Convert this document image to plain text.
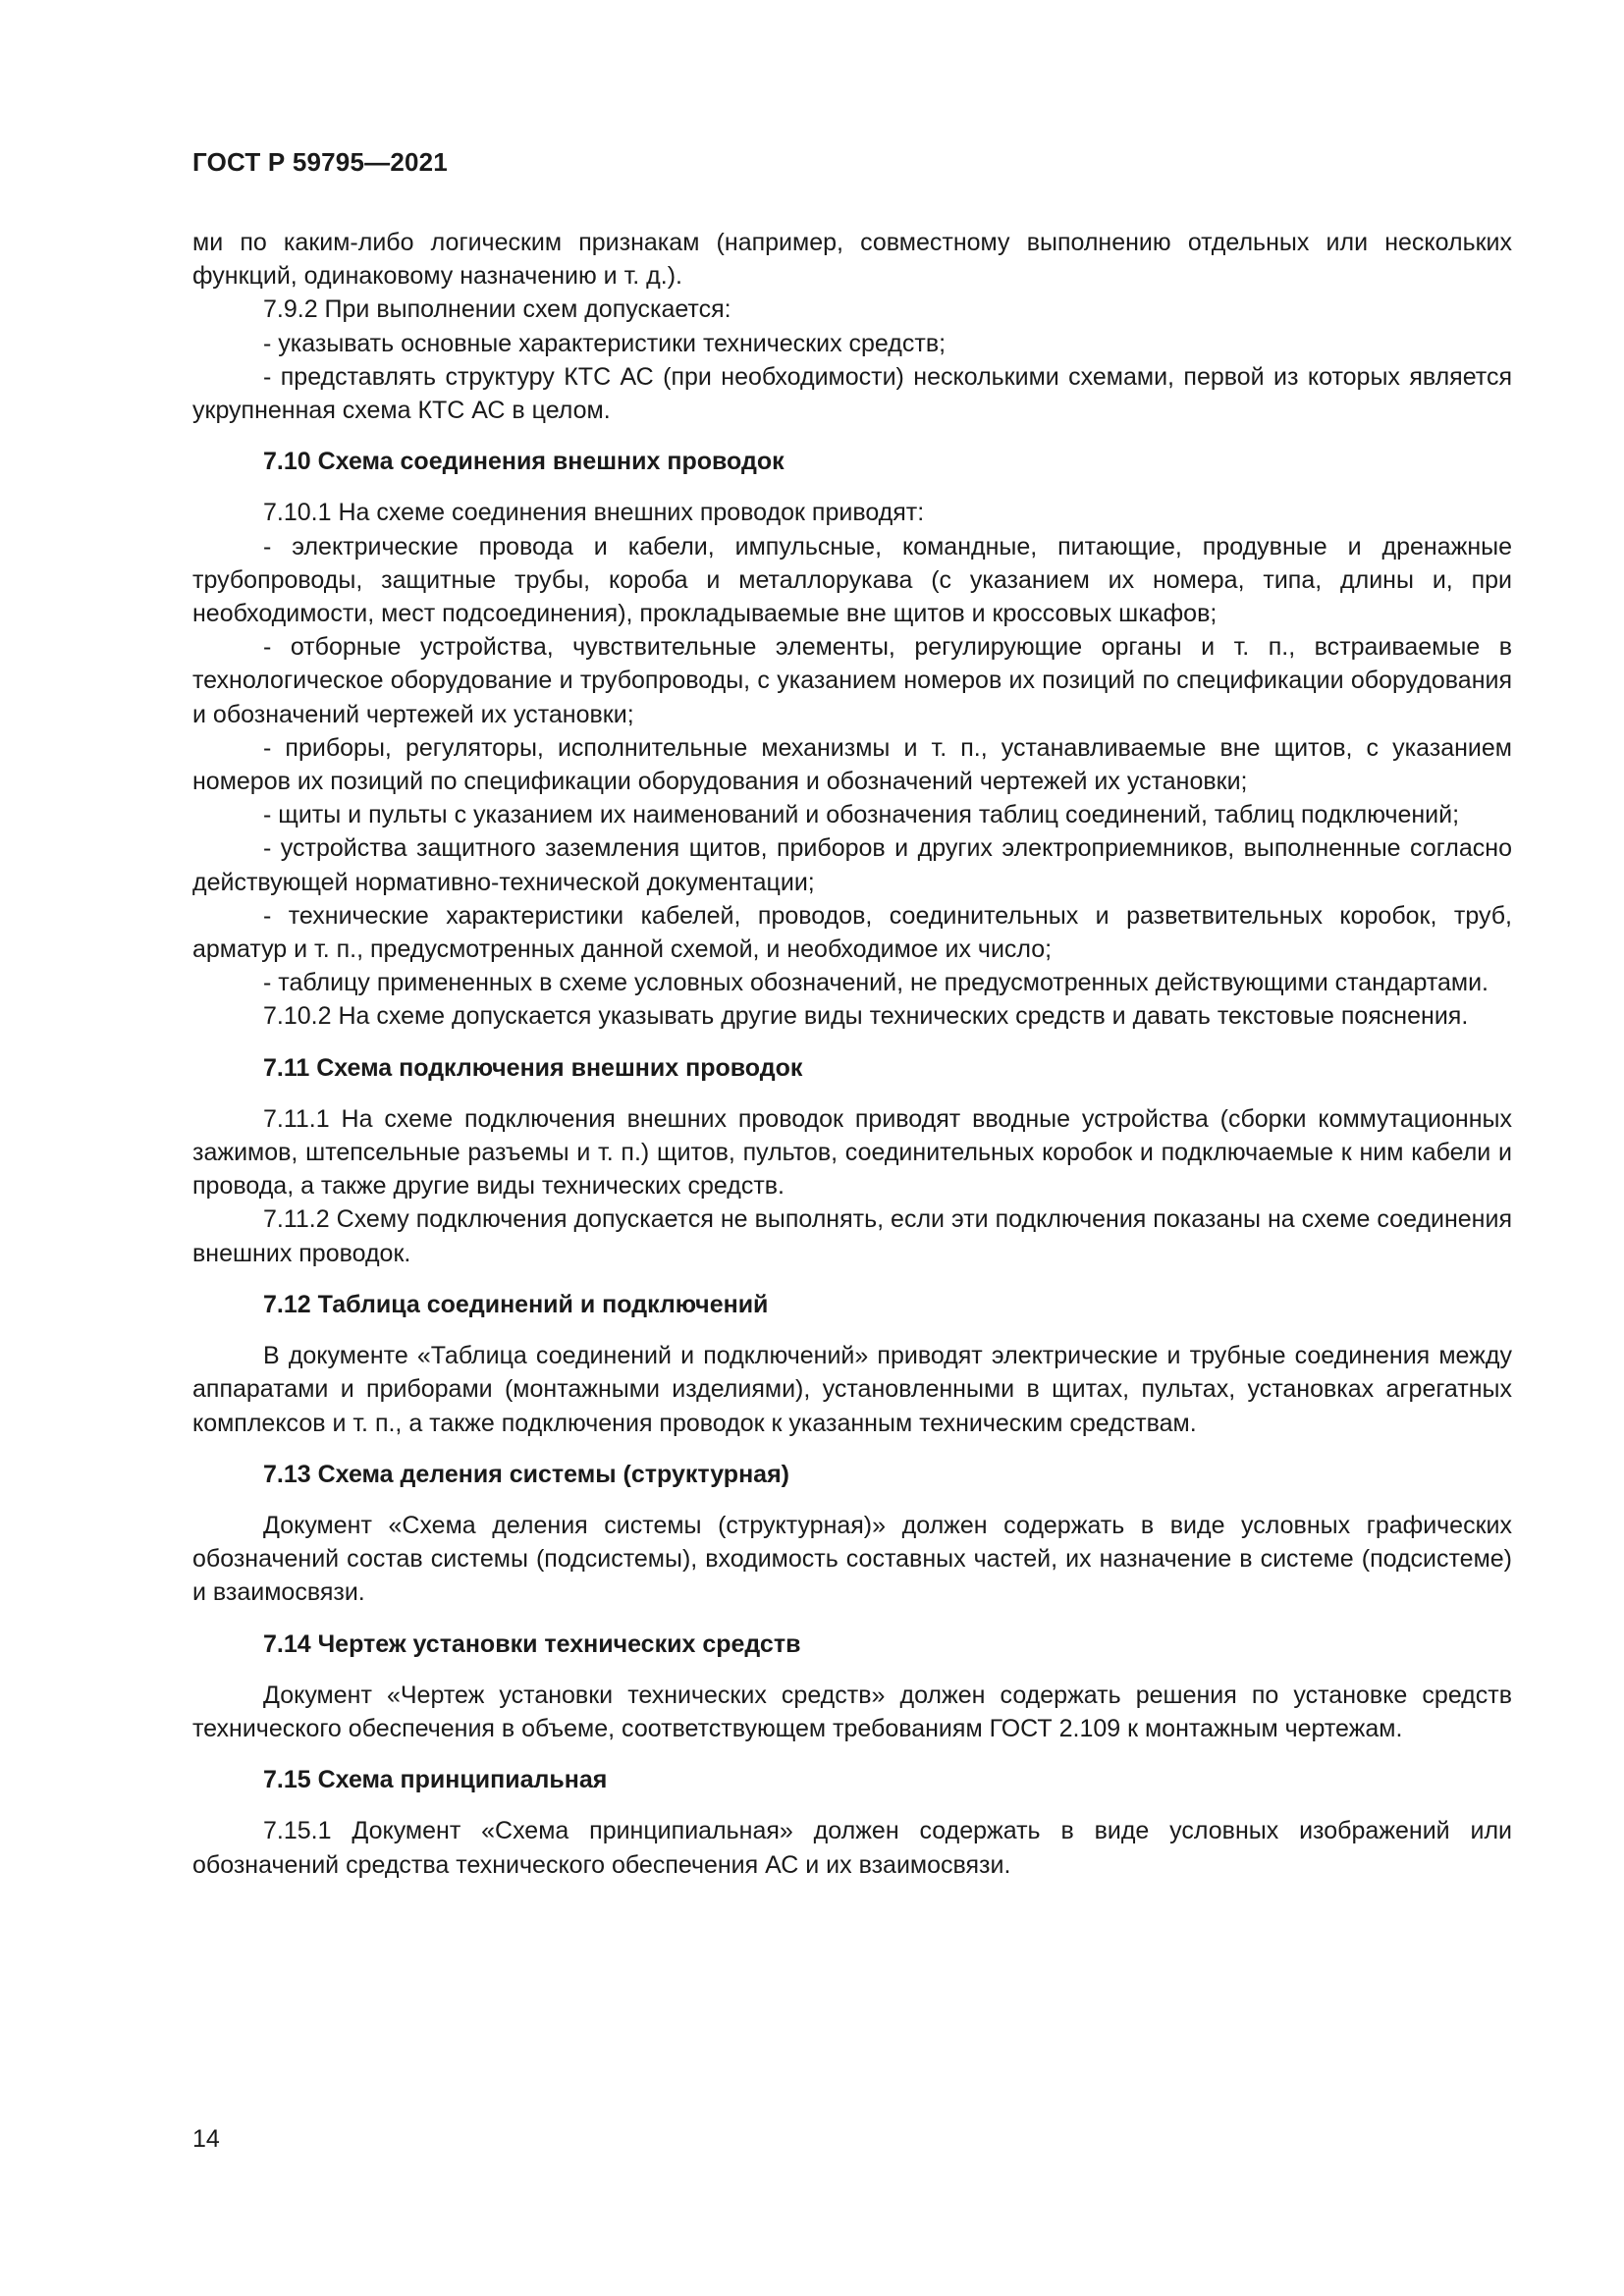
ГОСТ Р 59795—2021

ми по каким-либо логическим признакам (например, совместному выполнению отдельных или нескольких функций, одинаковому назначению и т. д.).

7.9.2 При выполнении схем допускается:

- указывать основные характеристики технических средств;

- представлять структуру КТС АС (при необходимости) несколькими схемами, первой из которых является укрупненная схема КТС АС в целом.

7.10 Схема соединения внешних проводок

7.10.1 На схеме соединения внешних проводок приводят:

- электрические провода и кабели, импульсные, командные, питающие, продувные и дренажные трубопроводы, защитные трубы, короба и металлорукава (с указанием их номера, типа, длины и, при необходимости, мест подсоединения), прокладываемые вне щитов и кроссовых шкафов;

- отборные устройства, чувствительные элементы, регулирующие органы и т. п., встраиваемые в технологическое оборудование и трубопроводы, с указанием номеров их позиций по спецификации оборудования и обозначений чертежей их установки;

- приборы, регуляторы, исполнительные механизмы и т. п., устанавливаемые вне щитов, с указанием номеров их позиций по спецификации оборудования и обозначений чертежей их установки;

- щиты и пульты с указанием их наименований и обозначения таблиц соединений, таблиц подключений;

- устройства защитного заземления щитов, приборов и других электроприемников, выполненные согласно действующей нормативно-технической документации;

- технические характеристики кабелей, проводов, соединительных и разветвительных коробок, труб, арматур и т. п., предусмотренных данной схемой, и необходимое их число;

- таблицу примененных в схеме условных обозначений, не предусмотренных действующими стандартами.

7.10.2 На схеме допускается указывать другие виды технических средств и давать текстовые пояснения.

7.11 Схема подключения внешних проводок

7.11.1 На схеме подключения внешних проводок приводят вводные устройства (сборки коммутационных зажимов, штепсельные разъемы и т. п.) щитов, пультов, соединительных коробок и подключаемые к ним кабели и провода, а также другие виды технических средств.

7.11.2 Схему подключения допускается не выполнять, если эти подключения показаны на схеме соединения внешних проводок.

7.12 Таблица соединений и подключений

В документе «Таблица соединений и подключений» приводят электрические и трубные соединения между аппаратами и приборами (монтажными изделиями), установленными в щитах, пультах, установках агрегатных комплексов и т. п., а также подключения проводок к указанным техническим средствам.

7.13 Схема деления системы (структурная)

Документ «Схема деления системы (структурная)» должен содержать в виде условных графических обозначений состав системы (подсистемы), входимость составных частей, их назначение в системе (подсистеме) и взаимосвязи.

7.14 Чертеж установки технических средств

Документ «Чертеж установки технических средств» должен содержать решения по установке средств технического обеспечения в объеме, соответствующем требованиям ГОСТ 2.109 к монтажным чертежам.

7.15 Схема принципиальная

7.15.1 Документ «Схема принципиальная» должен содержать в виде условных изображений или обозначений средства технического обеспечения АС и их взаимосвязи.

14
